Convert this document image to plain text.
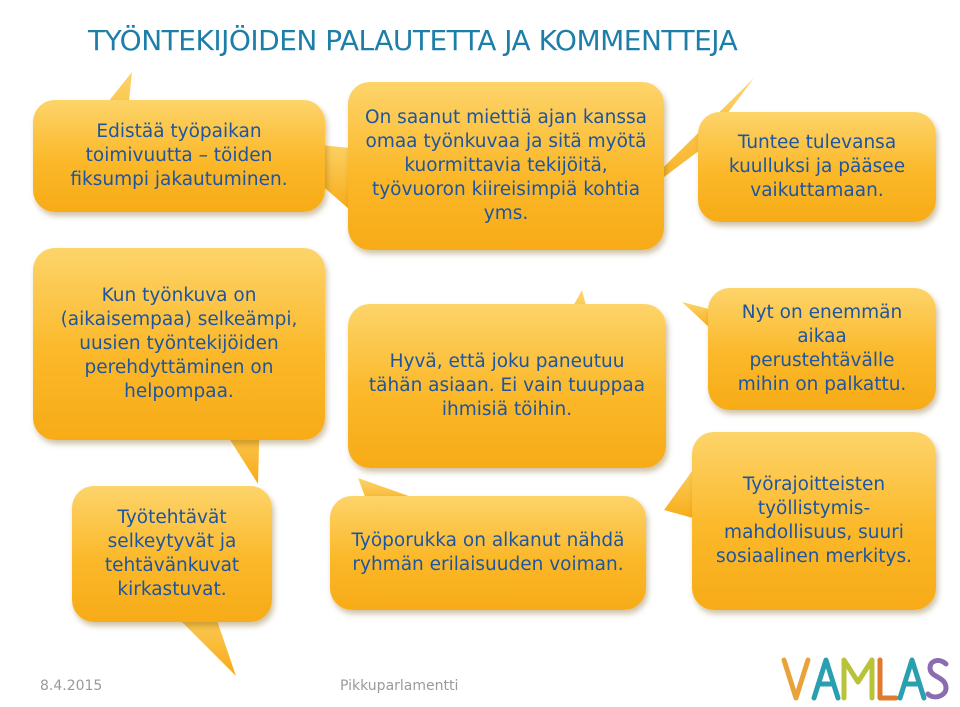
TYÖNTEKIJÖIDEN PALAUTETTA JA KOMMENTTEJA
Edistää työpaikan toimivuutta – töiden fiksumpi jakautuminen.
Kun työnkuva on (aikaisempaa) selkeämpi, uusien työntekijöiden perehdyttäminen on helpompaa.
Työtehtävät selkeytyvät ja tehtävänkuvat kirkastuvat.
On saanut miettiä ajan kanssa omaa työnkuvaa ja sitä myötä kuormittavia tekijöitä, työvuoron kiireisimpiä kohtia yms.
Hyvä, että joku paneutuu tähän asiaan. Ei vain tuuppaa ihmisiä töihin.
Työporukka on alkanut nähdä ryhmän erilaisuuden voiman.
Tuntee tulevansa kuulluksi ja pääsee vaikuttamaan.
Nyt on enemmän aikaa perustehtävälle mihin on palkattu.
Työrajoitteisten työllistymis-mahdollisuus, suuri sosiaalinen merkitys.
8.4.2015	Pikkuparlamentti
